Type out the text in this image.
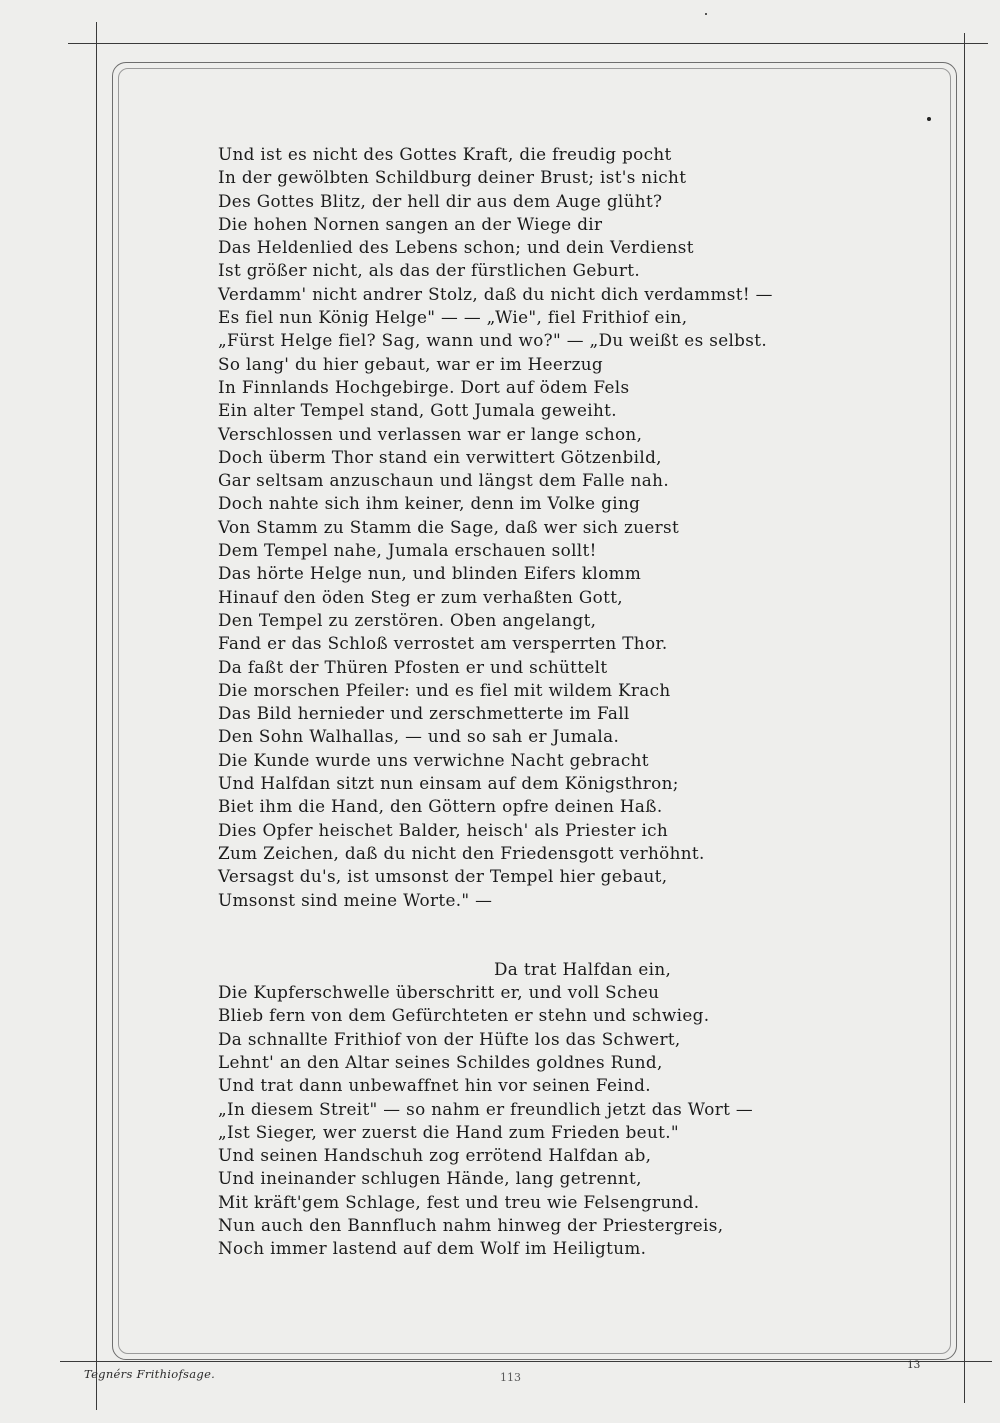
Und ist es nicht des Gottes Kraft, die freudig pocht
In der gewölbten Schildburg deiner Brust; ist's nicht
Des Gottes Blitz, der hell dir aus dem Auge glüht?
Die hohen Nornen sangen an der Wiege dir
Das Heldenlied des Lebens schon; und dein Verdienst
Ist größer nicht, als das der fürstlichen Geburt.
Verdamm' nicht andrer Stolz, daß du nicht dich verdammst! —
Es fiel nun König Helge" — — „Wie", fiel Frithiof ein,
„Fürst Helge fiel? Sag, wann und wo?" — „Du weißt es selbst.
So lang' du hier gebaut, war er im Heerzug
In Finnlands Hochgebirge. Dort auf ödem Fels
Ein alter Tempel stand, Gott Jumala geweiht.
Verschlossen und verlassen war er lange schon,
Doch überm Thor stand ein verwittert Götzenbild,
Gar seltsam anzuschaun und längst dem Falle nah.
Doch nahte sich ihm keiner, denn im Volke ging
Von Stamm zu Stamm die Sage, daß wer sich zuerst
Dem Tempel nahe, Jumala erschauen sollt!
Das hörte Helge nun, und blinden Eifers klomm
Hinauf den öden Steg er zum verhaßten Gott,
Den Tempel zu zerstören. Oben angelangt,
Fand er das Schloß verrostet am versperrten Thor.
Da faßt der Thüren Pfosten er und schüttelt
Die morschen Pfeiler: und es fiel mit wildem Krach
Das Bild hernieder und zerschmetterte im Fall
Den Sohn Walhallas, — und so sah er Jumala.
Die Kunde wurde uns verwichne Nacht gebracht
Und Halfdan sitzt nun einsam auf dem Königsthron;
Biet ihm die Hand, den Göttern opfre deinen Haß.
Dies Opfer heischet Balder, heisch' als Priester ich
Zum Zeichen, daß du nicht den Friedensgott verhöhnt.
Versagst du's, ist umsonst der Tempel hier gebaut,
Umsonst sind meine Worte." —
Da trat Halfdan ein,
Die Kupferschwelle überschritt er, und voll Scheu
Blieb fern von dem Gefürchteten er stehn und schwieg.
Da schnallte Frithiof von der Hüfte los das Schwert,
Lehnt' an den Altar seines Schildes goldnes Rund,
Und trat dann unbewaffnet hin vor seinen Feind.
„In diesem Streit" — so nahm er freundlich jetzt das Wort —
„Ist Sieger, wer zuerst die Hand zum Frieden beut."
Und seinen Handschuh zog errötend Halfdan ab,
Und ineinander schlugen Hände, lang getrennt,
Mit kräft'gem Schlage, fest und treu wie Felsengrund.
Nun auch den Bannfluch nahm hinweg der Priestergreis,
Noch immer lastend auf dem Wolf im Heiligtum.
Tegnérs Frithiofsage.	113
13
